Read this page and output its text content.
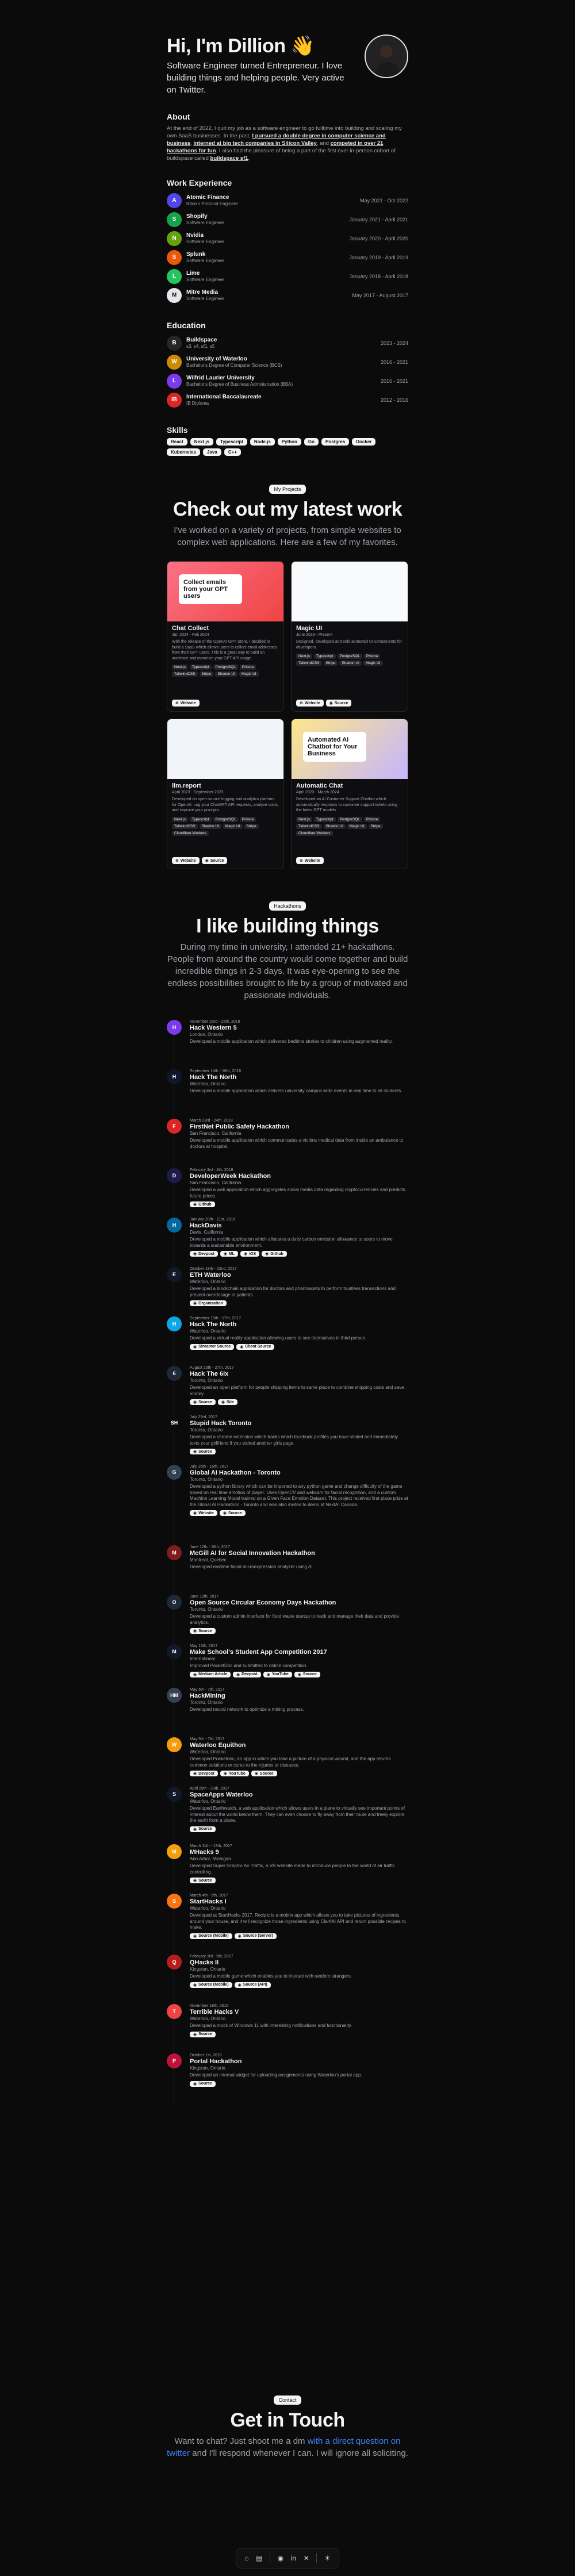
Hi, I'm Dillion 👋

Software Engineer turned Entrepreneur. I love building things and helping people. Very active on Twitter.

About

At the end of 2022, I quit my job as a software engineer to go fulltime into building and scaling my own SaaS businesses. In the past, I pursued a double degree in computer science and business, interned at big tech companies in Silicon Valley, and competed in over 21 hackathons for fun. I also had the pleasure of being a part of the first ever in-person cohort of buildspace called buildspace sf1.

Work Experience
A	Atomic Finance
Bitcoin Protocol Engineer
May 2021 - Oct 2022
S	Shopify
Software Engineer
January 2021 - April 2021
N	Nvidia
Software Engineer
January 2020 - April 2020
S	Splunk
Software Engineer
January 2019 - April 2019
L	Lime
Software Engineer
January 2018 - April 2018
M	Mitre Media
Software Engineer
May 2017 - August 2017
Education
B	Buildspace
s3, s4, sf1, s5
2023 - 2024
W	University of Waterloo
Bachelor's Degree of Computer Science (BCS)
2016 - 2021
L	Wilfrid Laurier University
Bachelor's Degree of Business Administration (BBA)
2016 - 2021
IB	International Baccalaureate
IB Diploma
2012 - 2016
Skills
React	Next.js	Typescript	Node.js	Python	Go	Postgres	Docker
Kubernetes	Java	C++
My Projects
Check out my latest work

I've worked on a variety of projects, from simple websites to complex web applications. Here are a few of my favorites.

Collect emails from your GPT users
Chat Collect
Jan 2024 - Feb 2024
With the release of the OpenAI GPT Store, I decided to build a SaaS which allows users to collect email addresses from their GPT users. This is a great way to build an audience and monetize your GPT API usage.
Next.js	Typescript	PostgreSQL	Prisma
TailwindCSS	Stripe	Shadcn UI	Magic UI
⊕ Website
Magic UI
June 2023 - Present
Designed, developed and sold animated UI components for developers.
Next.js	Typescript	PostgreSQL	Prisma
TailwindCSS	Stripe	Shadcn UI	Magic UI
⊕ Website ◉ Source
llm.report
April 2023 - September 2023
Developed an open-source logging and analytics platform for OpenAI: Log your ChatGPT API requests, analyze costs, and improve your prompts.
Next.js	Typescript	PostgreSQL	Prisma
TailwindCSS	Shadcn UI	Magic UI	Stripe
Cloudflare Workers
⊕ Website ◉ Source
Automated AI Chatbot for Your Business
Automatic Chat
April 2023 - March 2024
Developed an AI Customer Support Chatbot which automatically responds to customer support tickets using the latest GPT models.
Next.js	Typescript	PostgreSQL	Prisma
TailwindCSS	Shadcn UI	Magic UI	Stripe
Cloudflare Workers
⊕ Website
Hackathons
I like building things

During my time in university, I attended 21+ hackathons. People from around the country would come together and build incredible things in 2-3 days. It was eye-opening to see the endless possibilities brought to life by a group of motivated and passionate individuals.

H
November 23rd - 25th, 2018
Hack Western 5
London, Ontario
Developed a mobile application which delivered bedtime stories to children using augmented reality.
H
September 14th - 16th, 2018
Hack The North
Waterloo, Ontario
Developed a mobile application which delivers university campus wide events in real time to all students.
F
March 23rd - 24th, 2018
FirstNet Public Safety Hackathon
San Francisco, California
Developed a mobile application which communicates a victims medical data from inside an ambulance to doctors at hospital.
D
February 3rd - 4th, 2018
DeveloperWeek Hackathon
San Francisco, California
Developed a web application which aggregates social media data regarding cryptocurrencies and predicts future prices.
◉ Github
H
January 20th - 21st, 2018
HackDavis
Davis, California
Developed a mobile application which allocates a daily carbon emission allowance to users to move towards a sustainable environment.
◉ Devpost ◉ ML ◉ iOS ◉ Github
E
October 19th - 22nd, 2017
ETH Waterloo
Waterloo, Ontario
Developed a blockchain application for doctors and pharmacists to perform trustless transactions and prevent overdosage in patients.
◉ Organization
H
September 15th - 17th, 2017
Hack The North
Waterloo, Ontario
Developed a virtual reality application allowing users to see themselves in third person.
◉ Streamer Source ◉ Client Source
6
August 25th - 27th, 2017
Hack The 6ix
Toronto, Ontario
Developed an open platform for people shipping items to same place to combine shipping costs and save money.
◉ Source ◉ Site
SH
July 23rd, 2017
Stupid Hack Toronto
Toronto, Ontario
Developed a chrome extension which tracks which facebook profiles you have visited and immediately texts your girlfriend if you visited another girls page.
◉ Source
G
July 15th - 16th, 2017
Global AI Hackathon - Toronto
Toronto, Ontario
Developed a python library which can be imported to any python game and change difficulty of the game based on real time emotion of player. Uses OpenCV and webcam for facial recognition, and a custom Machine Learning Model trained on a Given Face Emotion Dataset. This project received first place prize at the Global AI Hackathon - Toronto and was also invited to demo at NextAI Canada.
◉ Website ◉ Source
M
June 12th - 18th, 2017
McGill AI for Social Innovation Hackathon
Montreal, Quebec
Developed realtime facial microexpression analyzer using AI.
O
June 10th, 2017
Open Source Circular Economy Days Hackathon
Toronto, Ontario
Developed a custom admin interface for food waste startup to track and manage their data and provide analytics.
◉ Source
M
May 13th, 2017
Make School's Student App Competition 2017
International
Improved PocketDoc and submitted to online competition.
◉ Medium Article ◉ Devpost ◉ YouTube ◉ Source
HM
May 6th - 7th, 2017
HackMining
Toronto, Ontario
Developed neural network to optimize a mining process.
W
May 5th - 7th, 2017
Waterloo Equithon
Waterloo, Ontario
Developed Pocketdoc, an app in which you take a picture of a physical wound, and the app returns common solutions or cures to the injuries or diseases.
◉ Devpost ◉ YouTube ◉ Source
S
April 29th - 30th, 2017
SpaceApps Waterloo
Waterloo, Ontario
Developed Earthwatch, a web application which allows users in a plane to virtually see important points of interest about the world below them. They can even choose to fly away from their route and freely explore the earth from a plane.
◉ Source
M
March 11th - 13th, 2017
MHacks 9
Ann Arbor, Michigan
Developed Super Graphic Air Traffic, a VR website made to introduce people to the world of air traffic controlling.
◉ Source
S
March 4th - 5th, 2017
StartHacks I
Waterloo, Ontario
Developed at StartHacks 2017, Recipic is a mobile app which allows you to take pictures of ingredients around your house, and it will recognize those ingredients using ClarifAI API and return possible recipes to make.
◉ Source (Mobile) ◉ Source (Server)
Q
February 3rd - 5th, 2017
QHacks II
Kingston, Ontario
Developed a mobile game which enables you to interact with random strangers.
◉ Source (Mobile) ◉ Source (API)
T
November 19th, 2016
Terrible Hacks V
Waterloo, Ontario
Developed a mock of Windows 11 with interesting notifications and functionality.
◉ Source
P
October 1st, 2016
Portal Hackathon
Kingston, Ontario
Developed an internal widget for uploading assignments using Waterloo's portal app.
◉ Source
Contact
Get in Touch

Want to chat? Just shoot me a dm with a direct question on twitter and I'll respond whenever I can. I will ignore all soliciting.

⌂ ▤ ◉ in ✕ ☀
